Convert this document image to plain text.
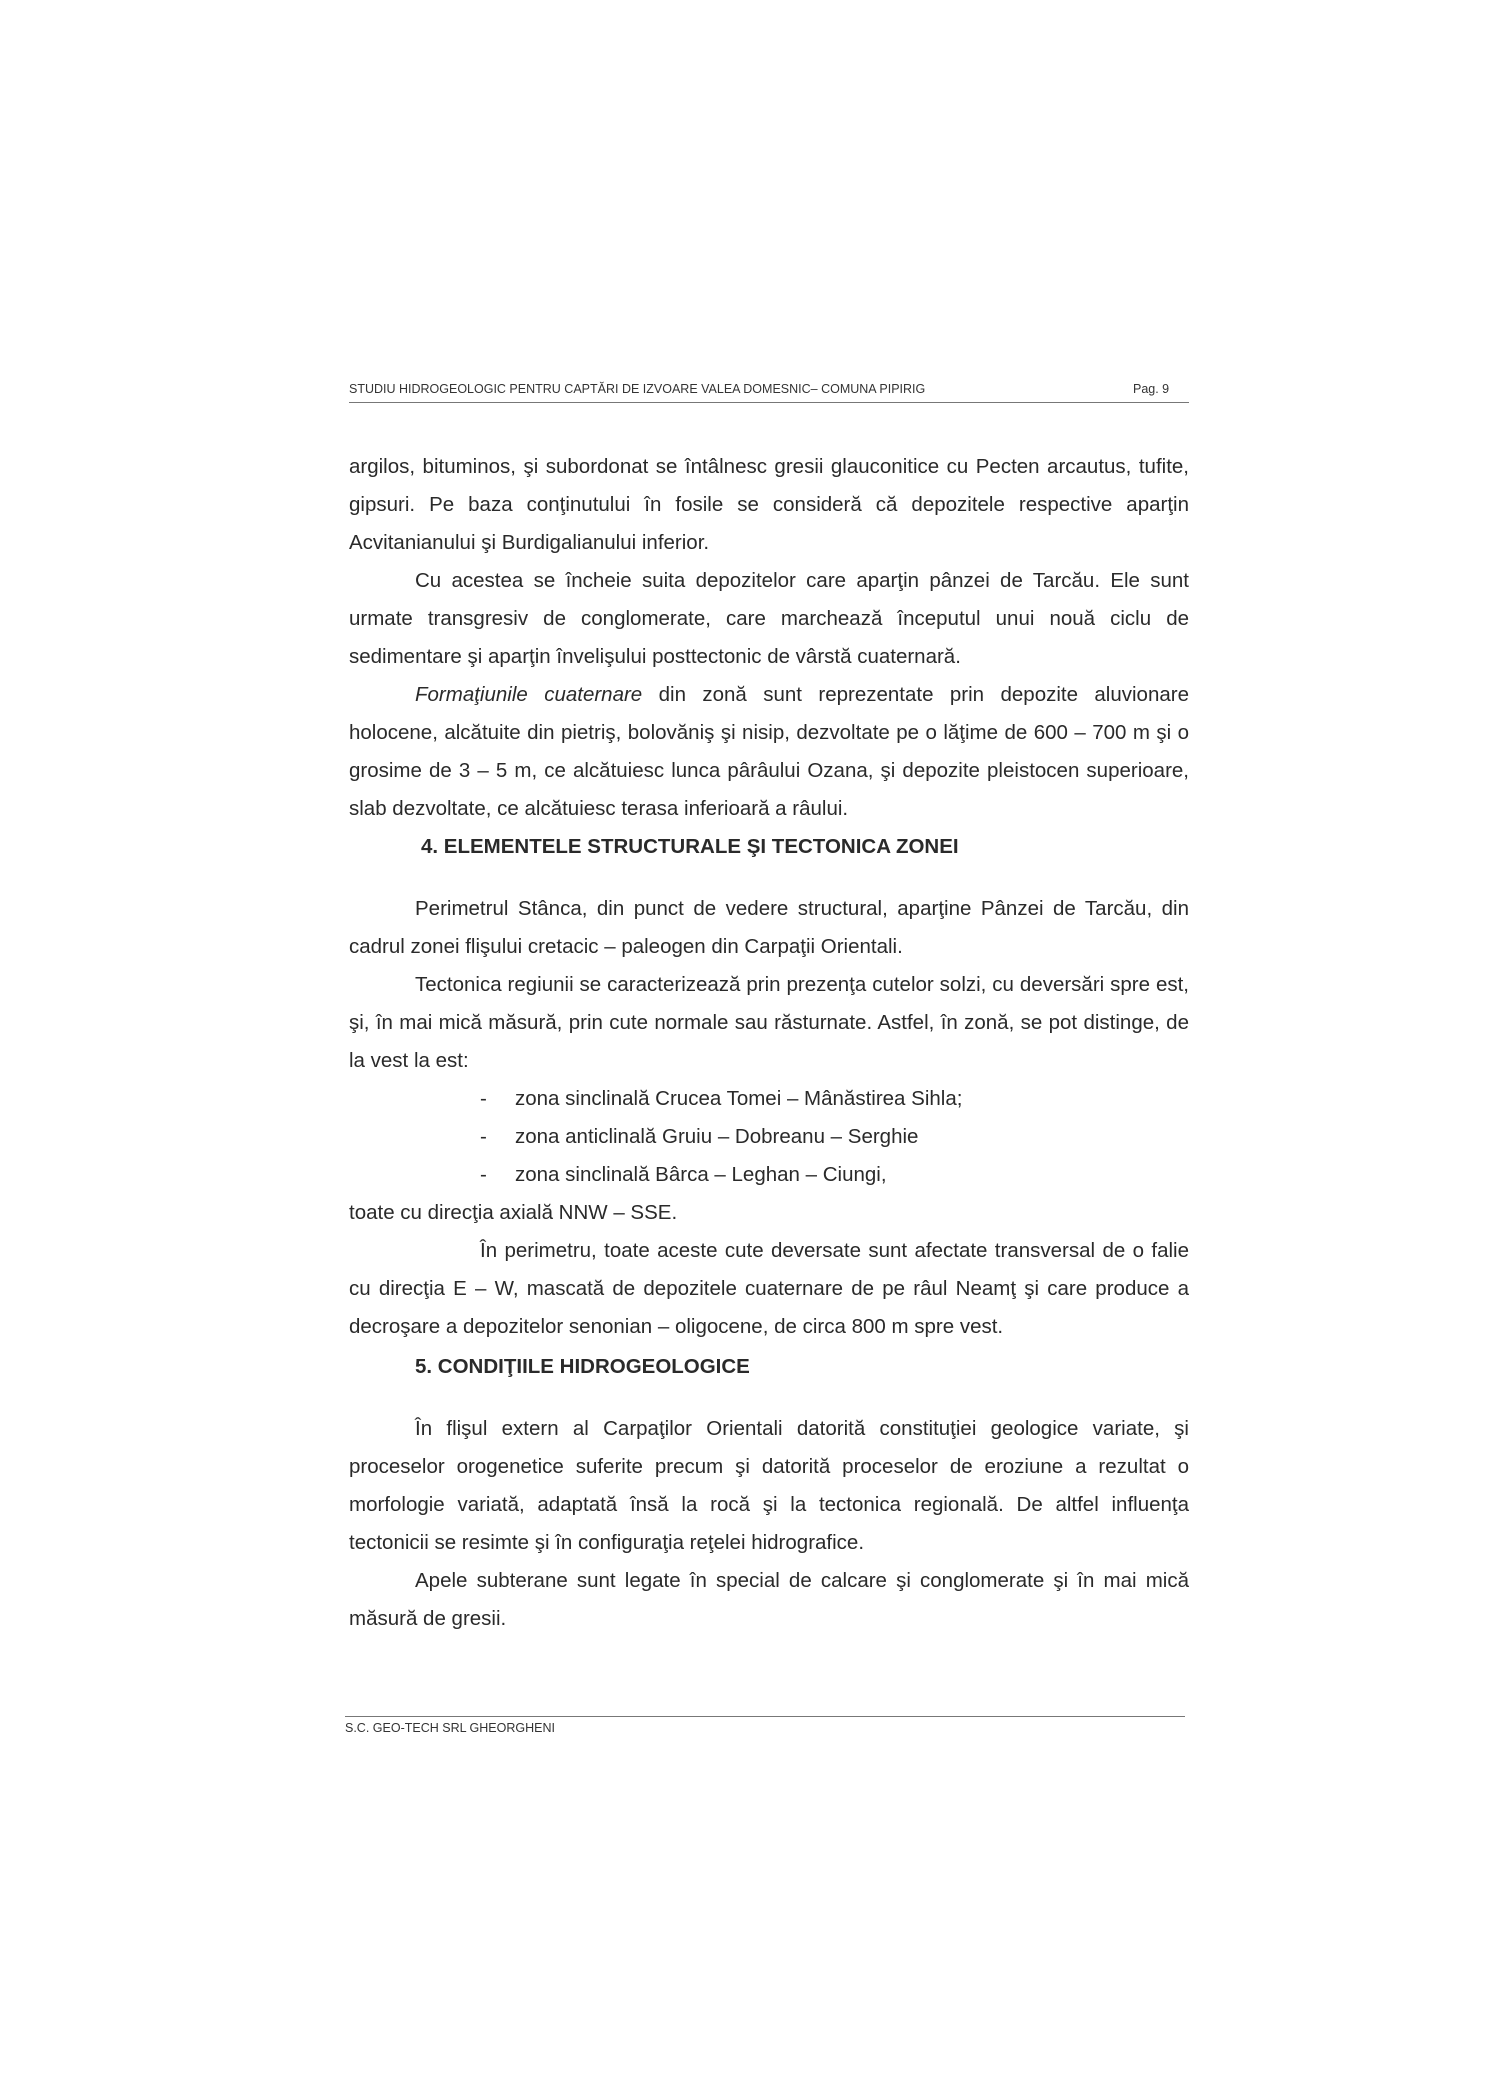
STUDIU HIDROGEOLOGIC PENTRU CAPTĂRI DE IZVOARE VALEA DOMESNIC– COMUNA PIPIRIG	Pag. 9

argilos, bituminos, şi subordonat se întâlnesc gresii glauconitice cu Pecten arcautus, tufite, gipsuri. Pe baza conţinutului în fosile se consideră că depozitele respective aparţin Acvitanianului şi Burdigalianului inferior.

Cu acestea se încheie suita depozitelor care aparţin pânzei de Tarcău. Ele sunt urmate transgresiv de conglomerate, care marchează începutul unui nouă ciclu de sedimentare şi aparţin învelişului posttectonic de vârstă cuaternară.

Formaţiunile cuaternare din zonă sunt reprezentate prin depozite aluvionare holocene, alcătuite din pietriş, bolovăniş şi nisip, dezvoltate pe o lăţime de 600 – 700 m şi o grosime de 3 – 5 m, ce alcătuiesc lunca pârâului Ozana, şi depozite pleistocen superioare, slab dezvoltate, ce alcătuiesc terasa inferioară a râului.

4. ELEMENTELE STRUCTURALE ŞI TECTONICA ZONEI

Perimetrul Stânca, din punct de vedere structural, aparţine Pânzei de Tarcău, din cadrul zonei flişului cretacic – paleogen din Carpaţii Orientali.

Tectonica regiunii se caracterizează prin prezenţa cutelor solzi, cu deversări spre est, şi, în mai mică măsură, prin cute normale sau răsturnate. Astfel, în zonă, se pot distinge, de la vest la est:

- zona sinclinală Crucea Tomei – Mânăstirea Sihla;
- zona anticlinală Gruiu – Dobreanu – Serghie
- zona sinclinală Bârca – Leghan – Ciungi,

toate cu direcţia axială NNW – SSE.

În perimetru, toate aceste cute deversate sunt afectate transversal de o falie cu direcţia E – W, mascată de depozitele cuaternare de pe râul Neamţ şi care produce a decroşare a depozitelor senonian – oligocene, de circa 800 m spre vest.

5. CONDIŢIILE HIDROGEOLOGICE

În flişul extern al Carpaţilor Orientali datorită constituţiei geologice variate, şi proceselor orogenetice suferite precum şi datorită proceselor de eroziune a rezultat o morfologie variată, adaptată însă la rocă şi la tectonica regională. De altfel influenţa tectonicii se resimte şi în configuraţia reţelei hidrografice.

Apele subterane sunt legate în special de calcare şi conglomerate şi în mai mică măsură de gresii.

S.C. GEO-TECH SRL GHEORGHENI
